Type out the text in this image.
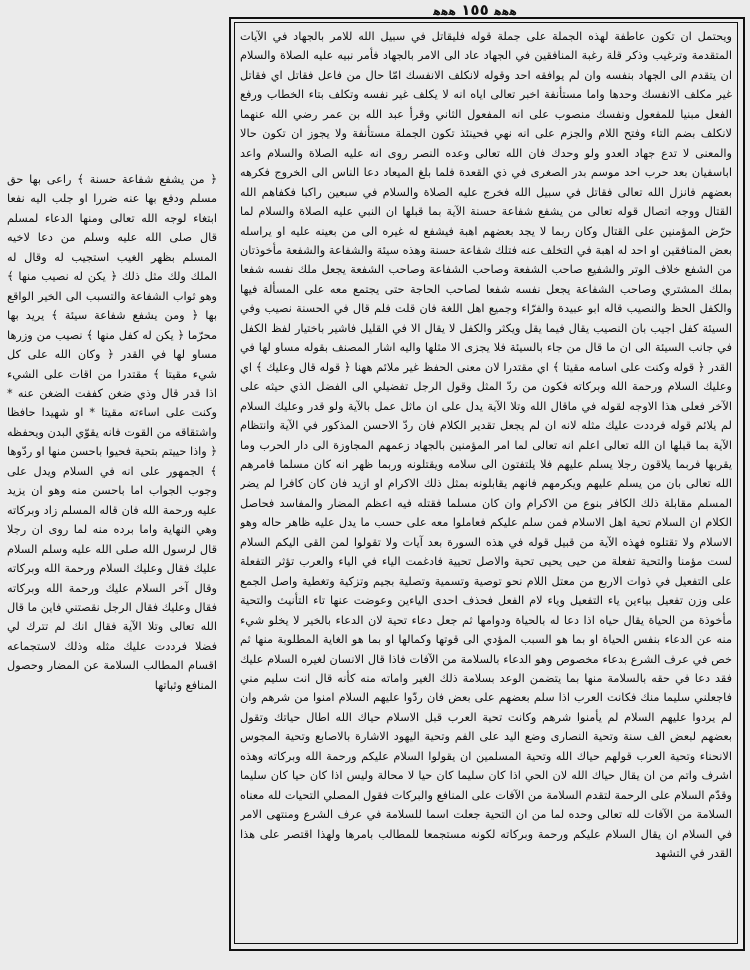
ﻫﻫﻫ ١٥٥ ﻫﻫﻫ

ويحتمل ان تكون عاطفة لهذه الجملة على جملة قوله فليقاتل في سبيل الله للامر بالجهاد في الآيات المتقدمة وترغيب وذكر قلة رغبة المنافقين في الجهاد عاد الى الامر بالجهاد فأمر نبيه عليه الصلاة والسلام ان يتقدم الى الجهاد بنفسه وان لم يوافقه احد وقوله لانكلف الانفسك امّا حال من فاعل فقاتل اي فقاتل غير مكلف الانفسك وحدها واما مستأنفة اخبر تعالى اياه انه لا يكلف غير نفسه وتكلف بتاء الخطاب ورفع الفعل مبنيا للمفعول ونفسك منصوب على انه المفعول الثاني وقرأ عبد الله بن عمر رضي الله عنهما لانكلف بضم التاء وفتح اللام والجزم على انه نهي فحينئذ تكون الجملة مستأنفة ولا يجوز ان تكون حالا والمعنى لا تدع جهاد العدو ولو وحدك فان الله تعالى وعده النصر روى انه عليه الصلاة والسلام واعد اباسفيان بعد حرب احد موسم بدر الصغرى في ذي القعدة فلما بلغ الميعاد دعا الناس الى الخروج فكرهه بعضهم فانزل الله تعالى فقاتل في سبيل الله فخرج عليه الصلاة والسلام في سبعين راكبا فكفاهم الله القتال ووجه اتصال قوله تعالى من يشفع شفاعة حسنة الآية بما قبلها ان النبي عليه الصلاة والسلام لما حرّض المؤمنين على القتال وكان ربما لا يجد بعضهم اهبة فيشفع له غيره الى من بعينه عليه او يراسله بعض المنافقين او احد له اهبة في التخلف عنه فتلك شفاعة حسنة وهذه سيئة والشفاعة والشفعة مأخوذتان من الشفع خلاف الوتر والشفيع صاحب الشفعة وصاحب الشفاعة وصاحب الشفعة يجعل ملك نفسه شفعا بملك المشتري وصاحب الشفاعة يجعل نفسه شفعا لصاحب الحاجة حتى يجتمع معه على المسألة فيها والكفل الحظ والنصيب قاله ابو عبيدة والفرّاء وجميع اهل اللغة فان قلت فلم قال في الحسنة نصيب وفي السيئة كفل اجيب بان النصيب يقال فيما يقل ويكثر والكفل لا يقال الا في القليل فاشير باختيار لفظ الكفل في جانب السيئة الى ان ما قال من جاء بالسيئة فلا يجزى الا مثلها واليه اشار المصنف بقوله مساو لها في القدر ﴿ قوله وكنت على اسامه مقيتا ﴾ اي مقتدرا لان معنى الحفظ غير ملائم ههنا ﴿ قوله قال وعليك ﴾ اي وعليك السلام ورحمة الله وبركاته فكون من ردّ المثل وقول الرجل تفضيلي الى الفضل الذي حيثه على الآخر فعلى هذا الاوجه لقوله في ماقال الله وتلا الآية يدل على ان ماثل عمل بالآية ولو قدر وعليك السلام لم يلائم قوله فرددت عليك مثله لانه ان لم يجعل تقدير الكلام فان ردّ الاحسن المذكور في الآية وانتظام الآية بما قبلها ان الله تعالى اعلم انه تعالى لما امر المؤمنين بالجهاد زعمهم المجاوزة الى دار الحرب وما يقربها فربما يلاقون رجلا يسلم عليهم فلا يلتفتون الى سلامه ويقتلونه وربما ظهر انه كان مسلما فامرهم الله تعالى بان من يسلم عليهم ويكرمهم فانهم يقابلونه بمثل ذلك الاكرام او ازيد فان كان كافرا لم يضر المسلم مقابلة ذلك الكافر بنوع من الاكرام وان كان مسلما فقتله فيه اعظم المضار والمفاسد فحاصل الكلام ان السلام تحية اهل الاسلام فمن سلم عليكم فعاملوا معه على حسب ما يدل عليه ظاهر حاله وهو الاسلام ولا تقتلوه فهذه الآية من قبيل قوله في هذه السورة بعد آيات ولا تقولوا لمن القى اليكم السلام لست مؤمنا والتحية تفعلة من حيى يحيى تحية والاصل تحيية فادغمت الياء في الياء والعرب تؤثر التفعلة على التفعيل في ذوات الاربع من معتل اللام نحو توصية وتسمية وتصلية بجيم وتزكية وتغطية واصل الجمع على وزن تفعيل بياءين ياء التفعيل وياء لام الفعل فحذف احدى الياءين وعوضت عنها تاء التأنيث والتحية مأخوذة من الحياة يقال حياه اذا دعا له بالحياة ودوامها ثم جعل دعاء تحية لان الدعاء بالخير لا يخلو شيء منه عن الدعاء بنفس الحياة او بما هو السبب المؤدي الى قوتها وكمالها او بما هو الغاية المطلوبة منها ثم خص في عرف الشرع بدعاء مخصوص وهو الدعاء بالسلامة من الآفات فاذا قال الانسان لغيره السلام عليك فقد دعا في حقه بالسلامة منها بما يتضمن الوعد بسلامة ذلك الغير واماته منه كأنه قال انت سليم مني فاجعلني سليما منك فكانت العرب اذا سلم بعضهم على بعض فان ردّوا عليهم السلام امنوا من شرهم وان لم يردوا عليهم السلام لم يأمنوا شرهم وكانت تحية العرب قبل الاسلام حياك الله اطال حياتك وتقول بعضهم لبعض الف سنة وتحية النصارى وضع اليد على الفم وتحية اليهود الاشارة بالاصابع وتحية المجوس الانحناء وتحية العرب قولهم حياك الله وتحية المسلمين ان يقولوا السلام عليكم ورحمة الله وبركاته وهذه اشرف واتم من ان يقال حياك الله لان الحي اذا كان سليما كان حيا لا محالة وليس اذا كان حيا كان سليما وقدّم السلام على الرحمة لتقدم السلامة من الآفات على المنافع والبركات فقول المصلي التحيات لله معناه السلامة من الآفات لله تعالى وحده لما من ان التحية جعلت اسما للسلامة في عرف الشرع ومنتهى الامر في السلام ان يقال السلام عليكم ورحمة وبركاته لكونه مستجمعا للمطالب بامرها ولهذا اقتصر على هذا القدر في التشهد

﴿ من يشفع شفاعة حسنة ﴾ راعى بها حق مسلم ودفع بها عنه ضررا او جلب اليه نفعا ابتغاء لوجه الله تعالى ومنها الدعاء لمسلم قال صلى الله عليه وسلم من دعا لاخيه المسلم بظهر الغيب استجيب له وقال له الملك ولك مثل ذلك ﴿ يكن له نصيب منها ﴾ وهو ثواب الشفاعة والتسبب الى الخير الواقع بها ﴿ ومن يشفع شفاعة سيئة ﴾ يريد بها محرّما ﴿ يكن له كفل منها ﴾ نصيب من وزرها مساو لها في القدر ﴿ وكان الله على كل شيء مقيتا ﴾ مقتدرا من اقات على الشيء اذا قدر قال وذي ضغن كففت الضغن عنه * وكنت على اساءته مقيتا * او شهيدا حافظا واشتقاقه من القوت فانه يقوّي البدن ويحفظه ﴿ واذا حييتم بتحية فحيوا باحسن منها او ردّوها ﴾ الجمهور على انه في السلام ويدل على وجوب الجواب اما باحسن منه وهو ان يزيد عليه ورحمة الله فان قاله المسلم زاد وبركاته وهي النهاية واما برده منه لما روى ان رجلا قال لرسول الله صلى الله عليه وسلم السلام عليك فقال وعليك السلام ورحمة الله وبركاته وقال آخر السلام عليك ورحمة الله وبركاته فقال وعليك فقال الرجل نقصتني فاين ما قال الله تعالى وتلا الآية فقال انك لم تترك لي فضلا فرددت عليك مثله وذلك لاستجماعه اقسام المطالب السلامة عن المضار وحصول المنافع وثباتها
